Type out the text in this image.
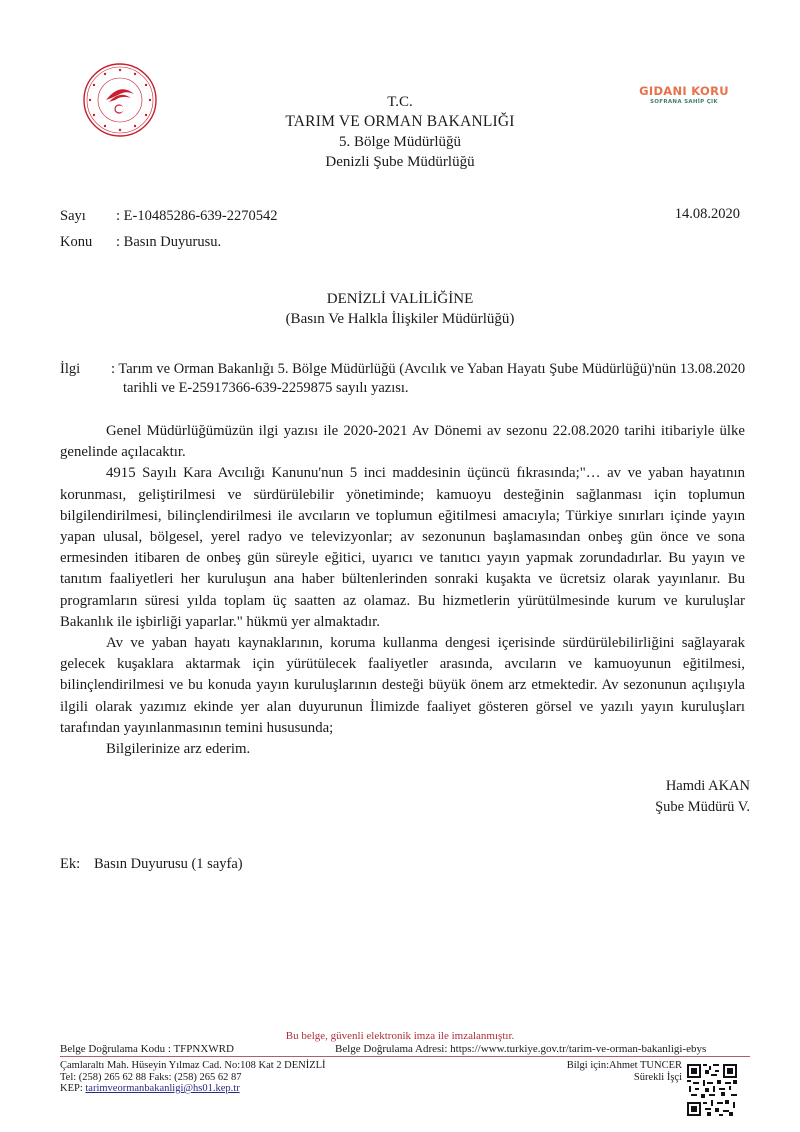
GIDANI KORU
SOFRANA SAHİP ÇIK
T.C.
TARIM VE ORMAN BAKANLIĞI
5. Bölge Müdürlüğü
Denizli Şube Müdürlüğü
Sayı : E-10485286-639-2270542
Konu : Basın Duyurusu.
14.08.2020
DENİZLİ VALİLİĞİNE
(Basın Ve Halkla İlişkiler Müdürlüğü)
İlgi : Tarım ve Orman Bakanlığı 5. Bölge Müdürlüğü (Avcılık ve Yaban Hayatı Şube Müdürlüğü)'nün 13.08.2020 tarihli ve E-25917366-639-2259875 sayılı yazısı.

Genel Müdürlüğümüzün ilgi yazısı ile 2020-2021 Av Dönemi av sezonu 22.08.2020 tarihi itibariyle ülke genelinde açılacaktır.

4915 Sayılı Kara Avcılığı Kanunu'nun 5 inci maddesinin üçüncü fıkrasında;"… av ve yaban hayatının korunması, geliştirilmesi ve sürdürülebilir yönetiminde; kamuoyu desteğinin sağlanması için toplumun bilgilendirilmesi, bilinçlendirilmesi ile avcıların ve toplumun eğitilmesi amacıyla; Türkiye sınırları içinde yayın yapan ulusal, bölgesel, yerel radyo ve televizyonlar; av sezonunun başlamasından onbeş gün önce ve sona ermesinden itibaren de onbeş gün süreyle eğitici, uyarıcı ve tanıtıcı yayın yapmak zorundadırlar. Bu yayın ve tanıtım faaliyetleri her kuruluşun ana haber bültenlerinden sonraki kuşakta ve ücretsiz olarak yayınlanır. Bu programların süresi yılda toplam üç saatten az olamaz. Bu hizmetlerin yürütülmesinde kurum ve kuruluşlar Bakanlık ile işbirliği yaparlar." hükmü yer almaktadır.

Av ve yaban hayatı kaynaklarının, koruma kullanma dengesi içerisinde sürdürülebilirliğini sağlayarak gelecek kuşaklara aktarmak için yürütülecek faaliyetler arasında, avcıların ve kamuoyunun eğitilmesi, bilinçlendirilmesi ve bu konuda yayın kuruluşlarının desteği büyük önem arz etmektedir. Av sezonunun açılışıyla ilgili olarak yazımız ekinde yer alan duyurunun İlimizde faaliyet gösteren görsel ve yazılı yayın kuruluşları tarafından yayınlanmasının temini hususunda;

Bilgilerinize arz ederim.

Hamdi AKAN
Şube Müdürü V.
Ek: Basın Duyurusu (1 sayfa)
Bu belge, güvenli elektronik imza ile imzalanmıştır.
Belge Doğrulama Kodu : TFPNXWRD	Belge Doğrulama Adresi: https://www.turkiye.gov.tr/tarim-ve-orman-bakanligi-ebys
Çamlaraltı Mah. Hüseyin Yılmaz Cad. No:108 Kat 2 DENİZLİ
Tel: (258) 265 62 88 Faks: (258) 265 62 87
KEP: tarimveormanbakanligi@hs01.kep.tr
Bilgi için:Ahmet TUNCER
Sürekli İşçi
